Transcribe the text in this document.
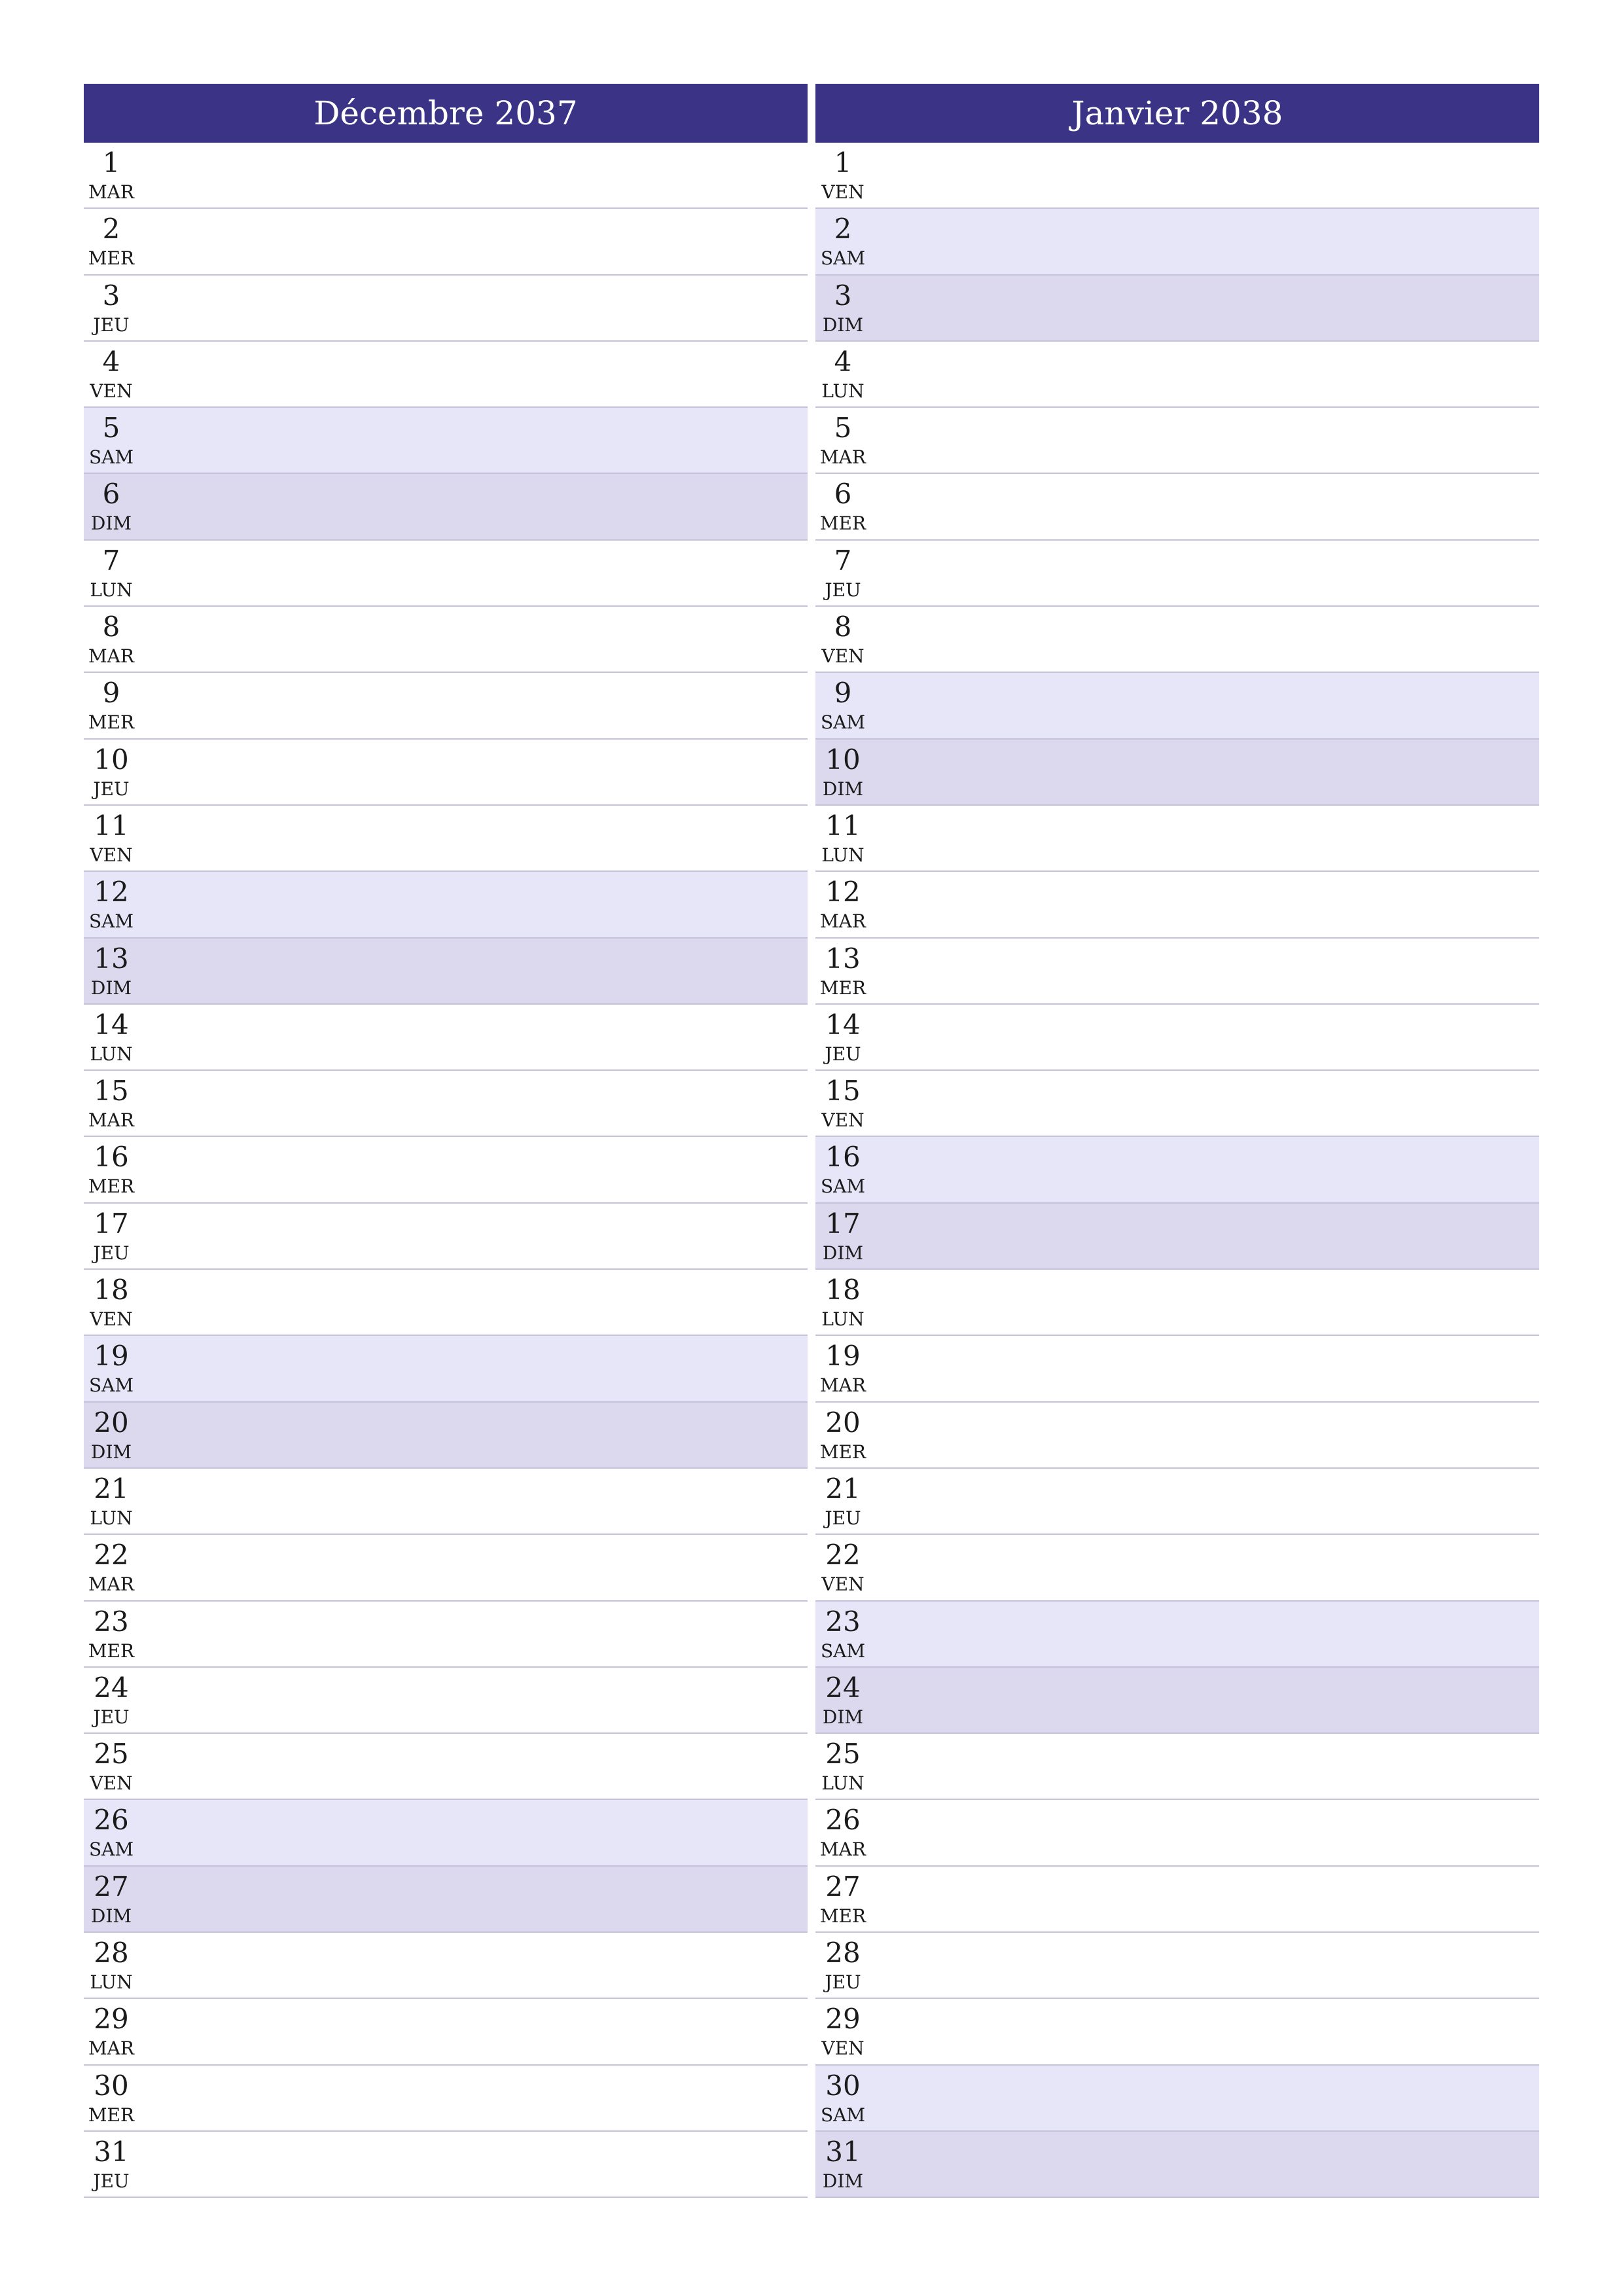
Décembre 2037
1
MAR
2
MER
3
JEU
4
VEN
5
SAM
6
DIM
7
LUN
8
MAR
9
MER
10
JEU
11
VEN
12
SAM
13
DIM
14
LUN
15
MAR
16
MER
17
JEU
18
VEN
19
SAM
20
DIM
21
LUN
22
MAR
23
MER
24
JEU
25
VEN
26
SAM
27
DIM
28
LUN
29
MAR
30
MER
31
JEU
Janvier 2038
1
VEN
2
SAM
3
DIM
4
LUN
5
MAR
6
MER
7
JEU
8
VEN
9
SAM
10
DIM
11
LUN
12
MAR
13
MER
14
JEU
15
VEN
16
SAM
17
DIM
18
LUN
19
MAR
20
MER
21
JEU
22
VEN
23
SAM
24
DIM
25
LUN
26
MAR
27
MER
28
JEU
29
VEN
30
SAM
31
DIM
